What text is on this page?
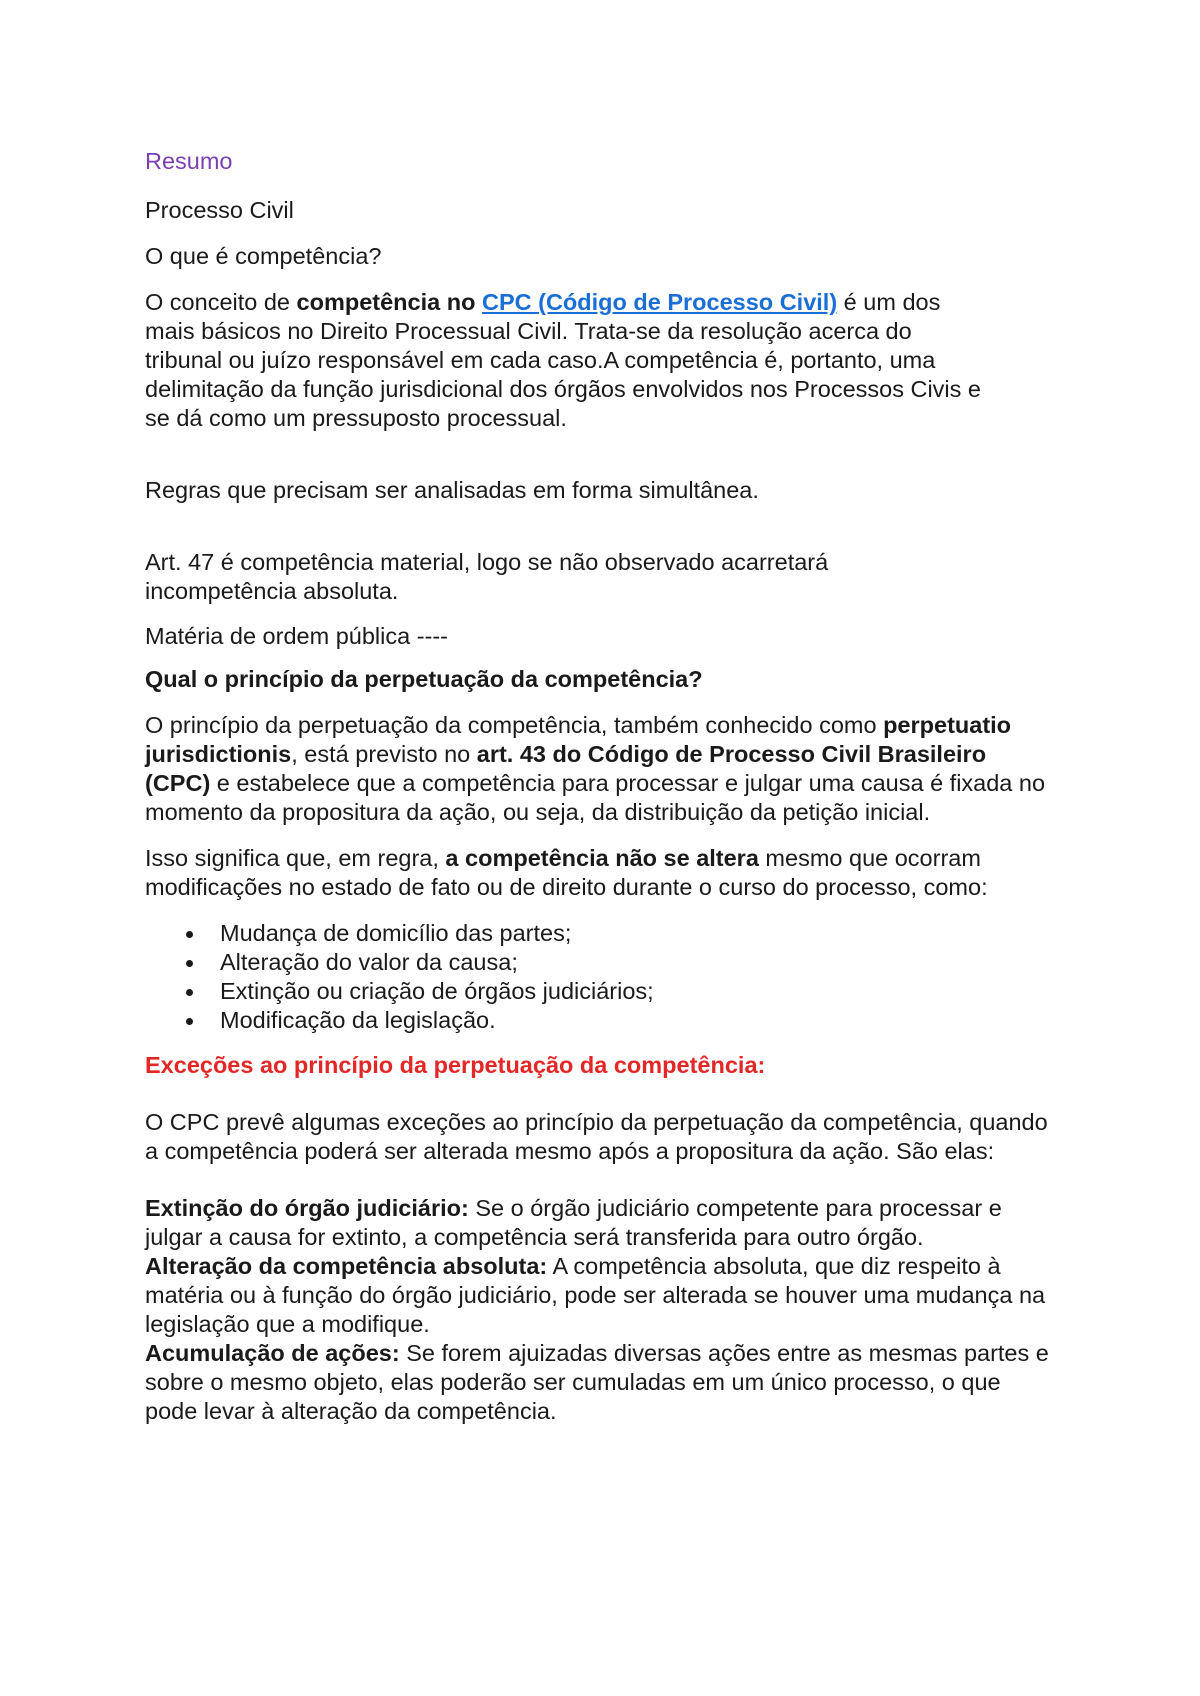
Resumo

Processo Civil

O que é competência?

O conceito de competência no CPC (Código de Processo Civil) é um dos mais básicos no Direito Processual Civil. Trata-se da resolução acerca do tribunal ou juízo responsável em cada caso.A competência é, portanto, uma delimitação da função jurisdicional dos órgãos envolvidos nos Processos Civis e se dá como um pressuposto processual.

Regras que precisam ser analisadas em forma simultânea.

Art. 47 é competência material, logo se não observado acarretará incompetência absoluta.

Matéria de ordem pública ----

Qual o princípio da perpetuação da competência?

O princípio da perpetuação da competência, também conhecido como perpetuatio jurisdictionis, está previsto no art. 43 do Código de Processo Civil Brasileiro (CPC) e estabelece que a competência para processar e julgar uma causa é fixada no momento da propositura da ação, ou seja, da distribuição da petição inicial.

Isso significa que, em regra, a competência não se altera mesmo que ocorram modificações no estado de fato ou de direito durante o curso do processo, como:

Mudança de domicílio das partes;
Alteração do valor da causa;
Extinção ou criação de órgãos judiciários;
Modificação da legislação.

Exceções ao princípio da perpetuação da competência:

O CPC prevê algumas exceções ao princípio da perpetuação da competência, quando a competência poderá ser alterada mesmo após a propositura da ação. São elas:

Extinção do órgão judiciário: Se o órgão judiciário competente para processar e julgar a causa for extinto, a competência será transferida para outro órgão.

Alteração da competência absoluta: A competência absoluta, que diz respeito à matéria ou à função do órgão judiciário, pode ser alterada se houver uma mudança na legislação que a modifique.

Acumulação de ações: Se forem ajuizadas diversas ações entre as mesmas partes e sobre o mesmo objeto, elas poderão ser cumuladas em um único processo, o que pode levar à alteração da competência.
